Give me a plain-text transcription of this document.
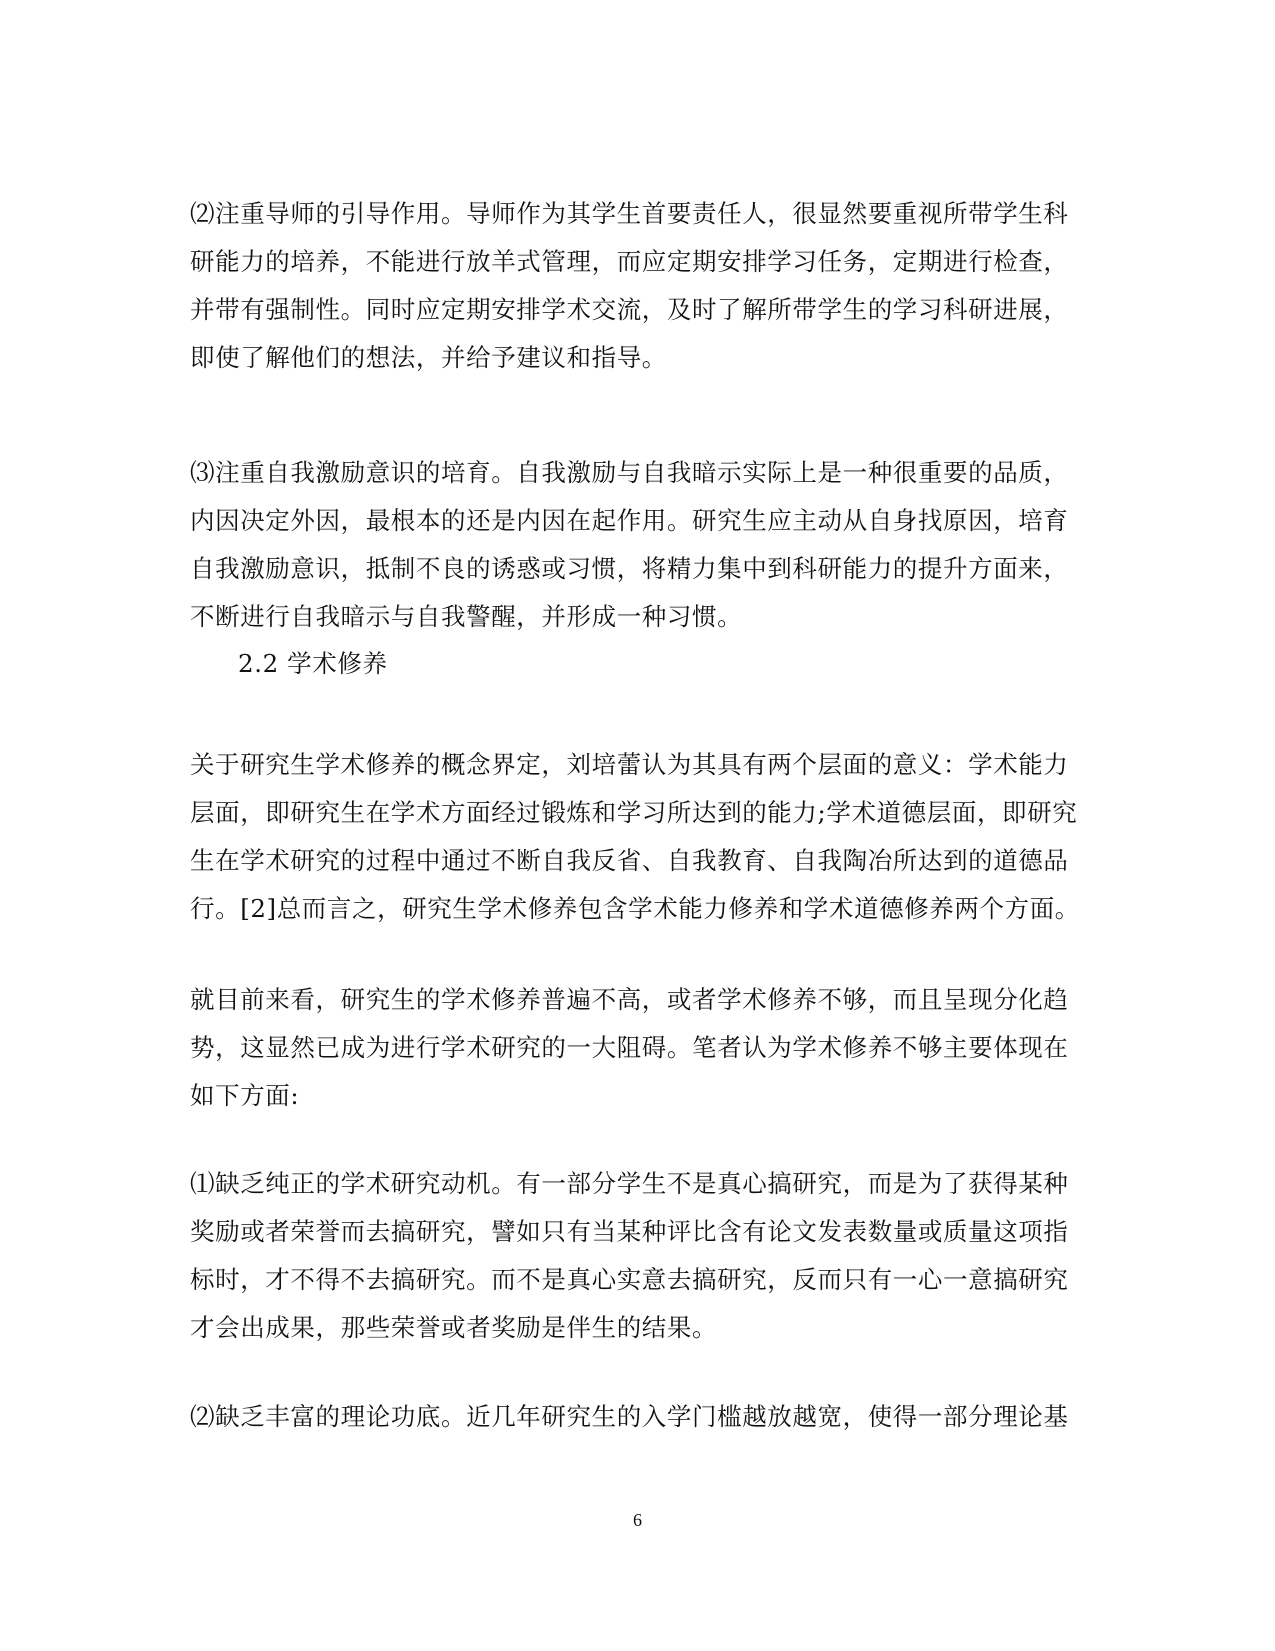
⑵注重导师的引导作用。导师作为其学生首要责任人，很显然要重视所带学生科
研能力的培养，不能进行放羊式管理，而应定期安排学习任务，定期进行检查，
并带有强制性。同时应定期安排学术交流，及时了解所带学生的学习科研进展，
即使了解他们的想法，并给予建议和指导。
⑶注重自我激励意识的培育。自我激励与自我暗示实际上是一种很重要的品质，
内因决定外因，最根本的还是内因在起作用。研究生应主动从自身找原因，培育
自我激励意识，抵制不良的诱惑或习惯，将精力集中到科研能力的提升方面来，
不断进行自我暗示与自我警醒，并形成一种习惯。
2.2 学术修养
关于研究生学术修养的概念界定，刘培蕾认为其具有两个层面的意义：学术能力
层面，即研究生在学术方面经过锻炼和学习所达到的能力;学术道德层面，即研究
生在学术研究的过程中通过不断自我反省、自我教育、自我陶冶所达到的道德品
行。[2]总而言之，研究生学术修养包含学术能力修养和学术道德修养两个方面。
就目前来看，研究生的学术修养普遍不高，或者学术修养不够，而且呈现分化趋
势，这显然已成为进行学术研究的一大阻碍。笔者认为学术修养不够主要体现在
如下方面:
⑴缺乏纯正的学术研究动机。有一部分学生不是真心搞研究，而是为了获得某种
奖励或者荣誉而去搞研究，譬如只有当某种评比含有论文发表数量或质量这项指
标时，才不得不去搞研究。而不是真心实意去搞研究，反而只有一心一意搞研究
才会出成果，那些荣誉或者奖励是伴生的结果。
⑵缺乏丰富的理论功底。近几年研究生的入学门槛越放越宽，使得一部分理论基
6
